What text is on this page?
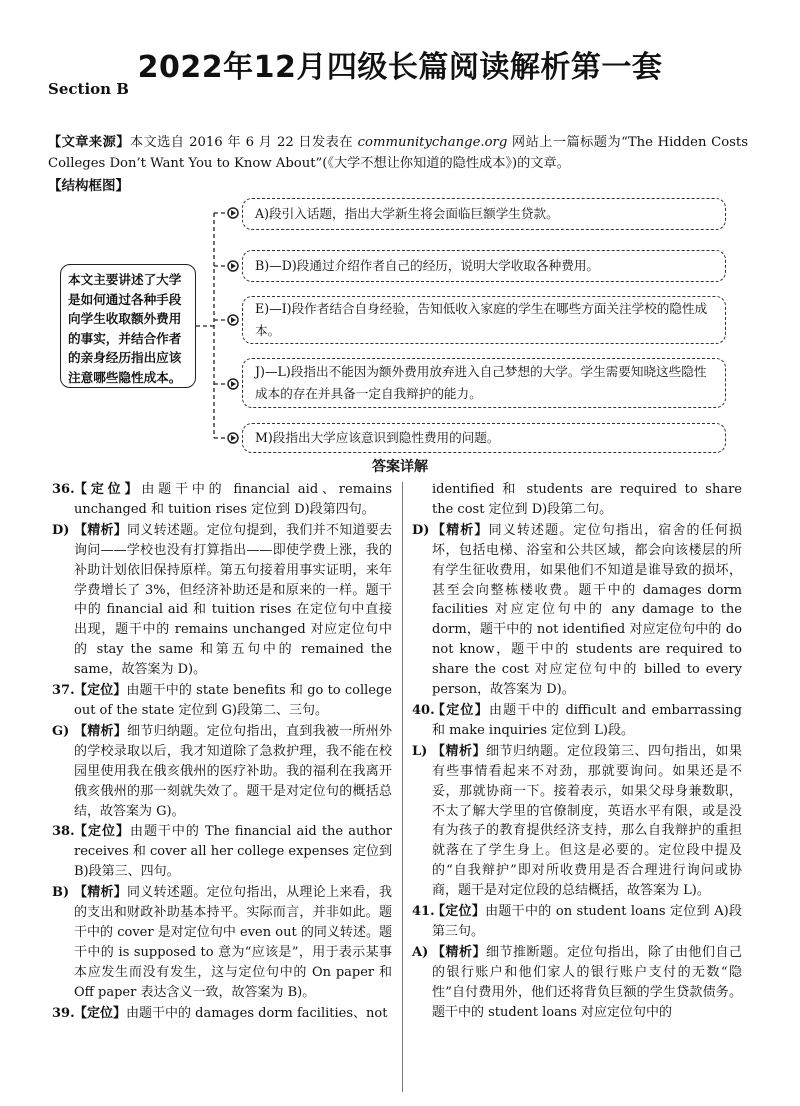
2022年12月四级长篇阅读解析第一套

Section B

【文章来源】本文选自 2016 年 6 月 22 日发表在 communitychange.org 网站上一篇标题为“The Hidden Costs Colleges Don’t Want You to Know About”(《大学不想让你知道的隐性成本》)的文章。

【结构框图】

本文主要讲述了大学是如何通过各种手段向学生收取额外费用的事实，并结合作者的亲身经历指出应该注意哪些隐性成本。
A)段引入话题，指出大学新生将会面临巨额学生贷款。
B)—D)段通过介绍作者自己的经历，说明大学收取各种费用。
E)—I)段作者结合自身经验，告知低收入家庭的学生在哪些方面关注学校的隐性成本。
J)—L)段指出不能因为额外费用放弃进入自己梦想的大学。学生需要知晓这些隐性成本的存在并具备一定自我辩护的能力。
M)段指出大学应该意识到隐性费用的问题。
答案详解
36. 【定位】由题干中的 financial aid、remains unchanged 和 tuition rises 定位到 D)段第四句。
D) 【精析】同义转述题。定位句提到，我们并不知道要去询问——学校也没有打算指出——即使学费上涨，我的补助计划依旧保持原样。第五句接着用事实证明，来年学费增长了 3%，但经济补助还是和原来的一样。题干中的 financial aid 和 tuition rises 在定位句中直接出现，题干中的 remains unchanged 对应定位句中的 stay the same 和第五句中的 remained the same，故答案为 D)。
37. 【定位】由题干中的 state benefits 和 go to college out of the state 定位到 G)段第二、三句。
G) 【精析】细节归纳题。定位句指出，直到我被一所州外的学校录取以后，我才知道除了急救护理，我不能在校园里使用我在俄亥俄州的医疗补助。我的福利在我离开俄亥俄州的那一刻就失效了。题干是对定位句的概括总结，故答案为 G)。
38. 【定位】由题干中的 The financial aid the author receives 和 cover all her college expenses 定位到 B)段第三、四句。
B) 【精析】同义转述题。定位句指出，从理论上来看，我的支出和财政补助基本持平。实际而言，并非如此。题干中的 cover 是对定位句中 even out 的同义转述。题干中的 is supposed to 意为“应该是”，用于表示某事本应发生而没有发生，这与定位句中的 On paper 和 Off paper 表达含义一致，故答案为 B)。
39. 【定位】由题干中的 damages dorm facilities、not
identified 和 students are required to share the cost 定位到 D)段第二句。
D) 【精析】同义转述题。定位句指出，宿舍的任何损坏，包括电梯、浴室和公共区域，都会向该楼层的所有学生征收费用，如果他们不知道是谁导致的损坏，甚至会向整栋楼收费。题干中的 damages dorm facilities 对应定位句中的 any damage to the dorm，题干中的 not identified 对应定位句中的 do not know，题干中的 students are required to share the cost 对应定位句中的 billed to every person，故答案为 D)。
40.
【定位】由题干中的 difficult and embarrassing 和 make inquiries 定位到 L)段。
L) 【精析】细节归纳题。定位段第三、四句指出，如果有些事情看起来不对劲，那就要询问。如果还是不妥，那就协商一下。接着表示，如果父母身兼数职，不太了解大学里的官僚制度，英语水平有限，或是没有为孩子的教育提供经济支持，那么自我辩护的重担就落在了学生身上。但这是必要的。定位段中提及的“自我辩护”即对所收费用是否合理进行询问或协商，题干是对定位段的总结概括，故答案为 L)。
41.
【定位】由题干中的 on student loans 定位到 A)段第三句。
A) 【精析】细节推断题。定位句指出，除了由他们自己的银行账户和他们家人的银行账户支付的无数“隐性”自付费用外，他们还将背负巨额的学生贷款债务。题干中的 student loans 对应定位句中的
